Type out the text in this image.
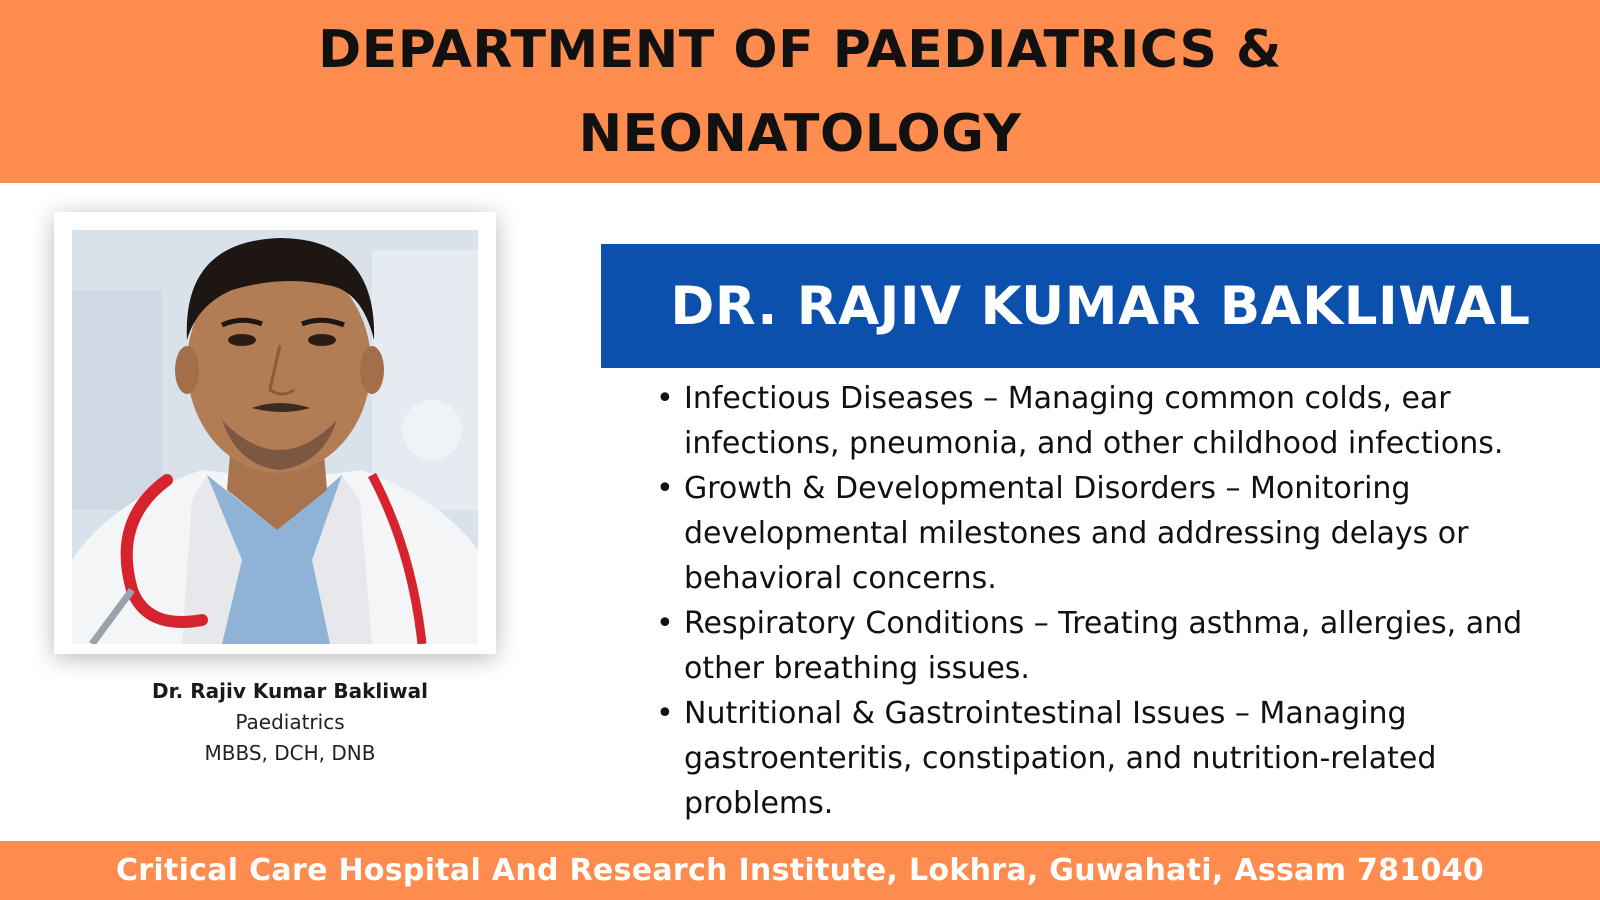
DEPARTMENT OF PAEDIATRICS & NEONATOLOGY
Dr. Rajiv Kumar Bakliwal
Paediatrics
MBBS, DCH, DNB
DR. RAJIV KUMAR BAKLIWAL
• Infectious Diseases – Managing common colds, ear infections, pneumonia, and other childhood infections.
• Growth & Developmental Disorders – Monitoring developmental milestones and addressing delays or behavioral concerns.
• Respiratory Conditions – Treating asthma, allergies, and other breathing issues.
• Nutritional & Gastrointestinal Issues – Managing gastroenteritis, constipation, and nutrition-related problems.
Critical Care Hospital And Research Institute, Lokhra, Guwahati, Assam 781040
